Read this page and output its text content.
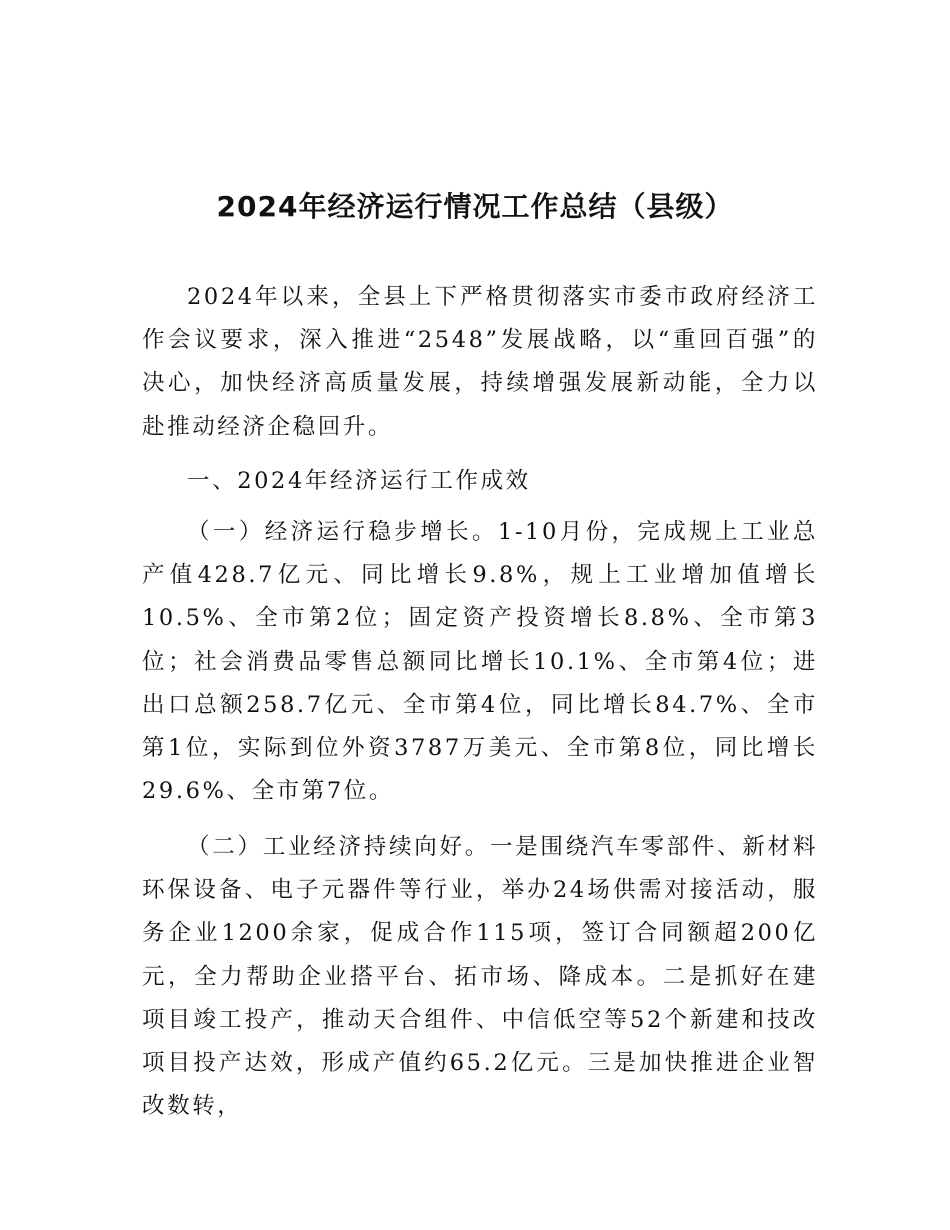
2024年经济运行情况工作总结（县级）

2024年以来，全县上下严格贯彻落实市委市政府经济工作会议要求，深入推进“2548”发展战略，以“重回百强”的决心，加快经济高质量发展，持续增强发展新动能，全力以赴推动经济企稳回升。

一、2024年经济运行工作成效

（一）经济运行稳步增长。1-10月份，完成规上工业总产值428.7亿元、同比增长9.8%，规上工业增加值增长10.5%、全市第2位；固定资产投资增长8.8%、全市第3位；社会消费品零售总额同比增长10.1%、全市第4位；进出口总额258.7亿元、全市第4位，同比增长84.7%、全市第1位，实际到位外资3787万美元、全市第8位，同比增长29.6%、全市第7位。

（二）工业经济持续向好。一是围绕汽车零部件、新材料环保设备、电子元器件等行业，举办24场供需对接活动，服务企业1200余家，促成合作115项，签订合同额超200亿元，全力帮助企业搭平台、拓市场、降成本。二是抓好在建项目竣工投产，推动天合组件、中信低空等52个新建和技改项目投产达效，形成产值约65.2亿元。三是加快推进企业智改数转，
